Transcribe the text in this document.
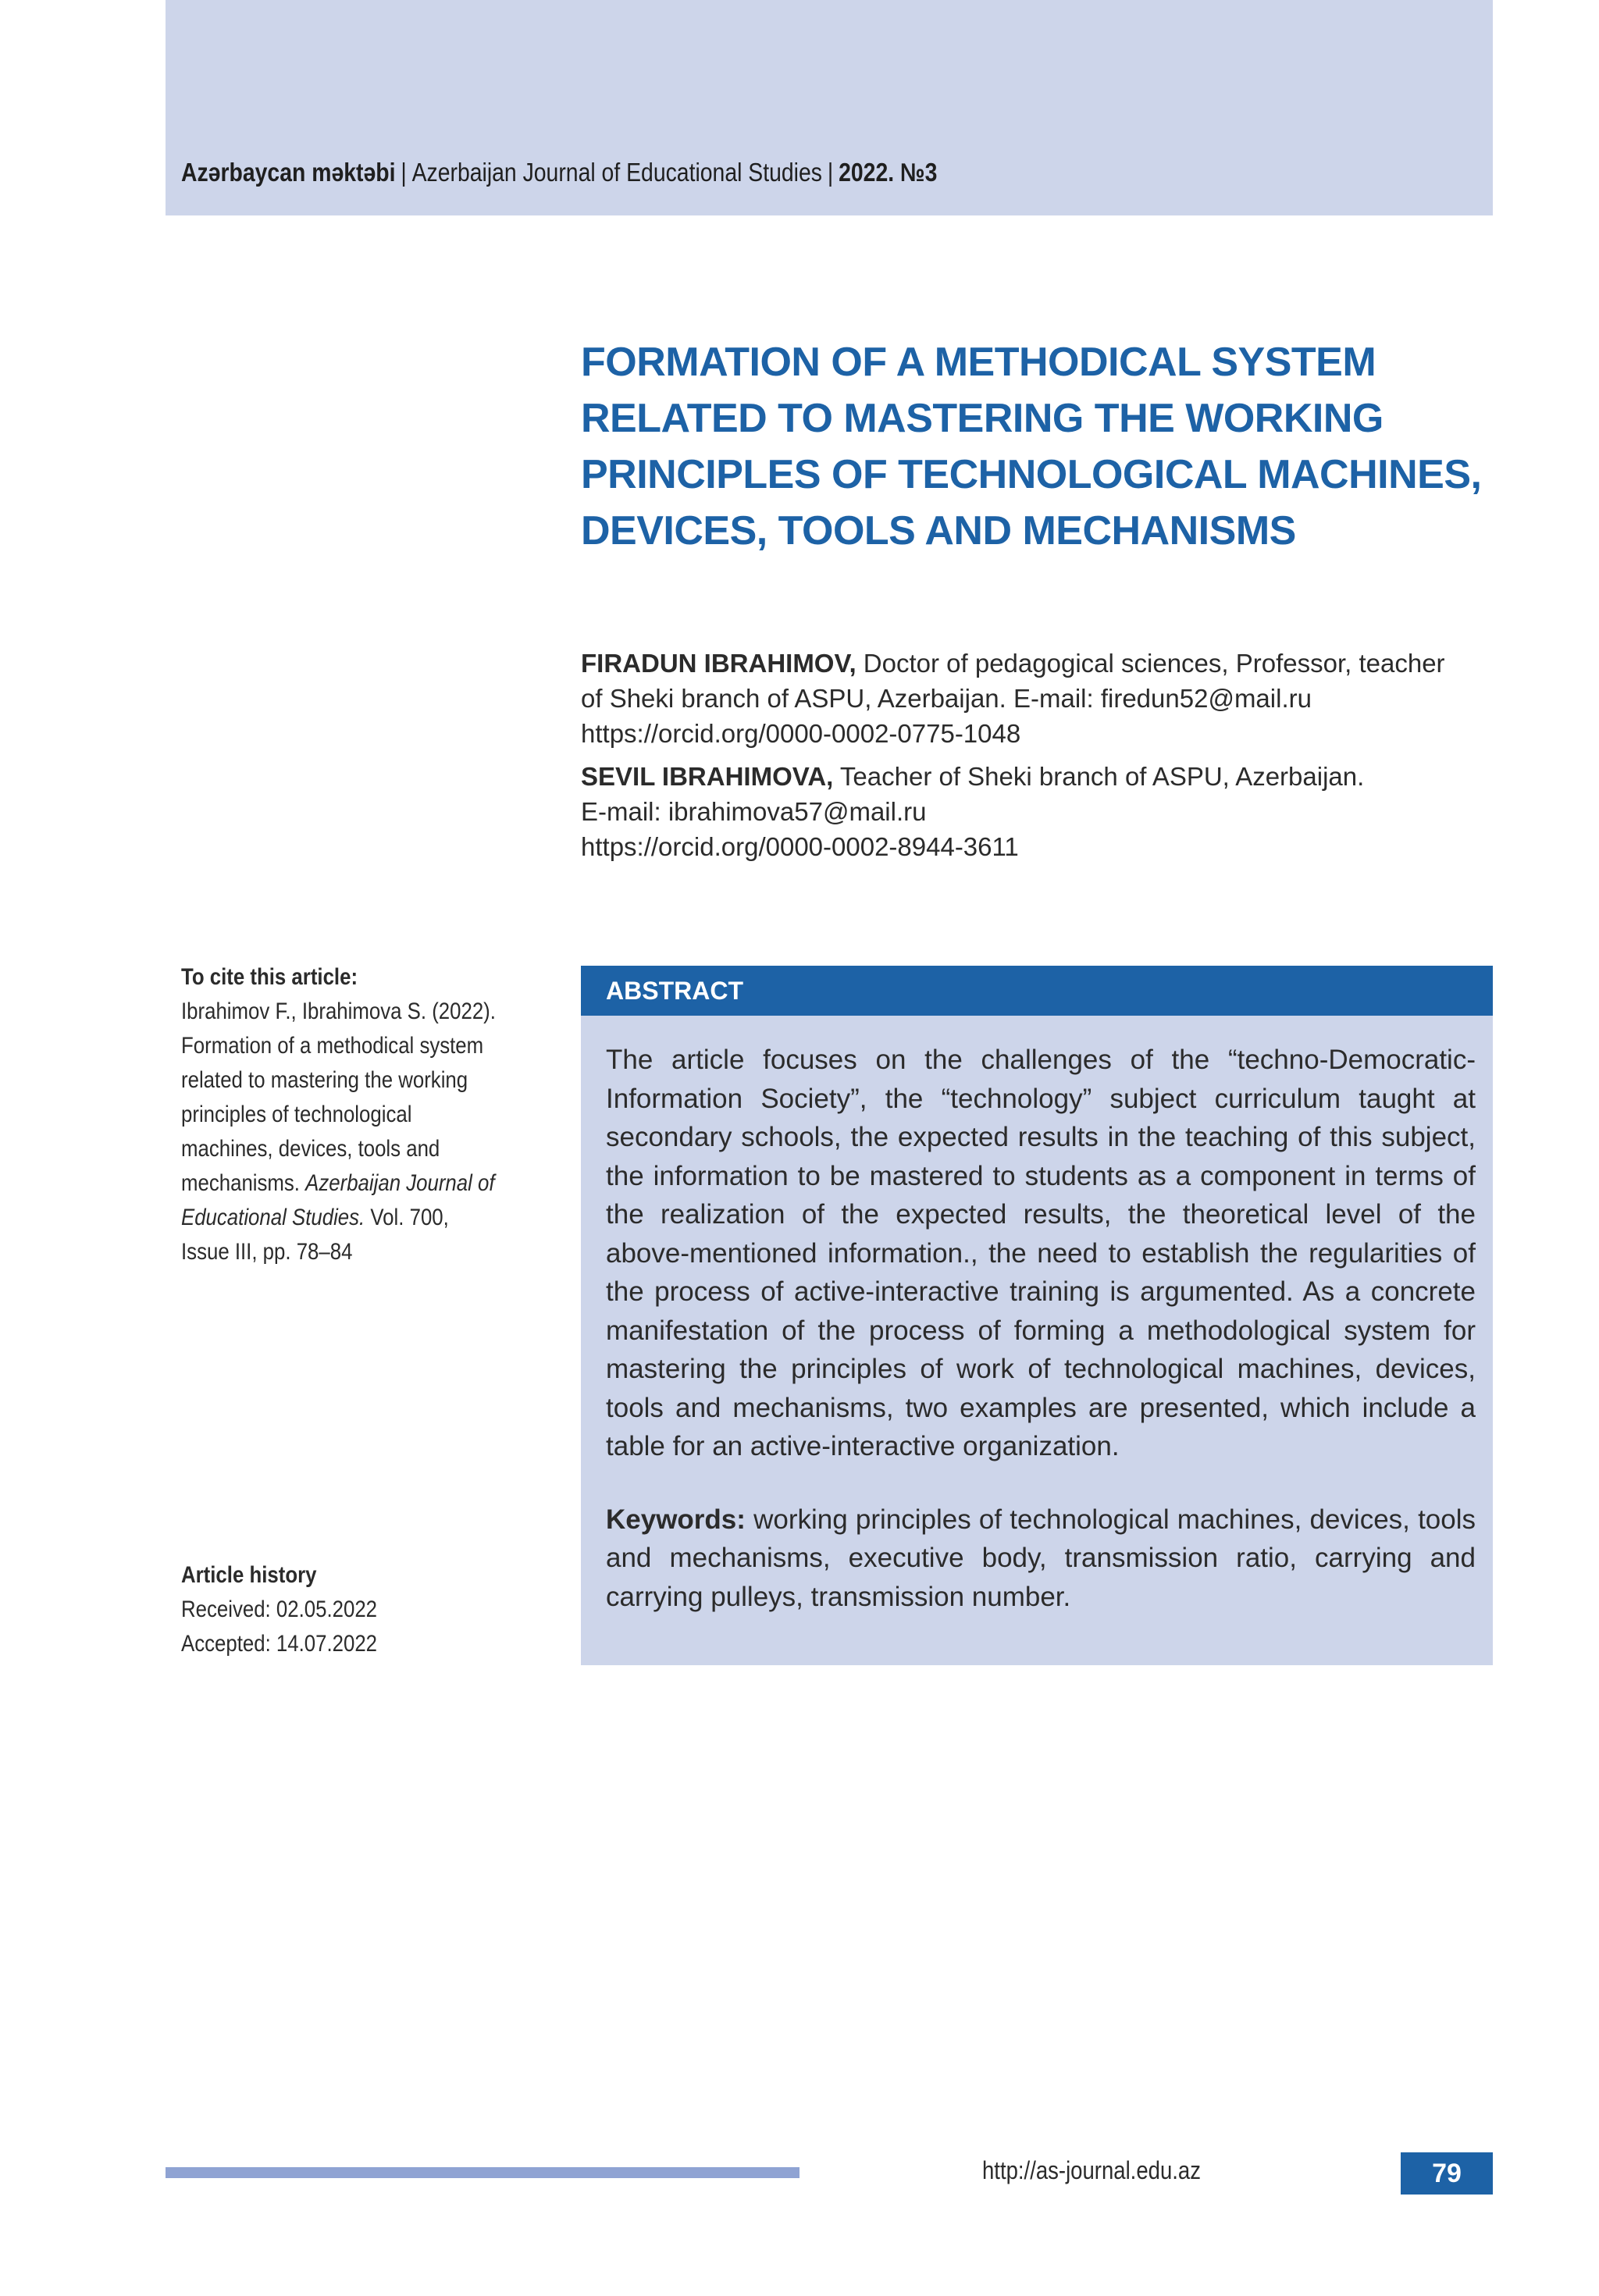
Azərbaycan məktəbi | Azerbaijan Journal of Educational Studies | 2022. №3
FORMATION OF A METHODICAL SYSTEM
RELATED TO MASTERING THE WORKING
PRINCIPLES OF TECHNOLOGICAL MACHINES,
DEVICES, TOOLS AND MECHANISMS
FIRADUN IBRAHIMOV, Doctor of pedagogical sciences, Professor, teacher
of Sheki branch of ASPU, Azerbaijan. E-mail: firedun52@mail.ru
https://orcid.org/0000-0002-0775-1048
SEVIL IBRAHIMOVA, Teacher of Sheki branch of ASPU, Azerbaijan.
E-mail: ibrahimova57@mail.ru
https://orcid.org/0000-0002-8944-3611
To cite this article:
Ibrahimov F., Ibrahimova S. (2022).
Formation of a methodical system
related to mastering the working
principles of technological
machines, devices, tools and
mechanisms. Azerbaijan Journal of
Educational Studies. Vol. 700,
Issue III, pp. 78–84
Article history
Received: 02.05.2022
Accepted: 14.07.2022
ABSTRACT
The article focuses on the challenges of the “techno-Democratic-Information Society”, the “technology” subject curriculum taught at secondary schools, the expected results in the teaching of this subject, the information to be mastered to students as a component in terms of the realization of the expected results, the theoretical level of the above-mentioned information., the need to establish the regularities of the process of active-interactive training is argumented. As a concrete manifestation of the process of forming a methodological system for mastering the principles of work of technological machines, devices, tools and mechanisms, two examples are presented, which include a table for an active-interactive organization.
Keywords: working principles of technological machines, devices, tools and mechanisms, executive body, transmission ratio, carrying and carrying pulleys, transmission number.
http://as-journal.edu.az	79
